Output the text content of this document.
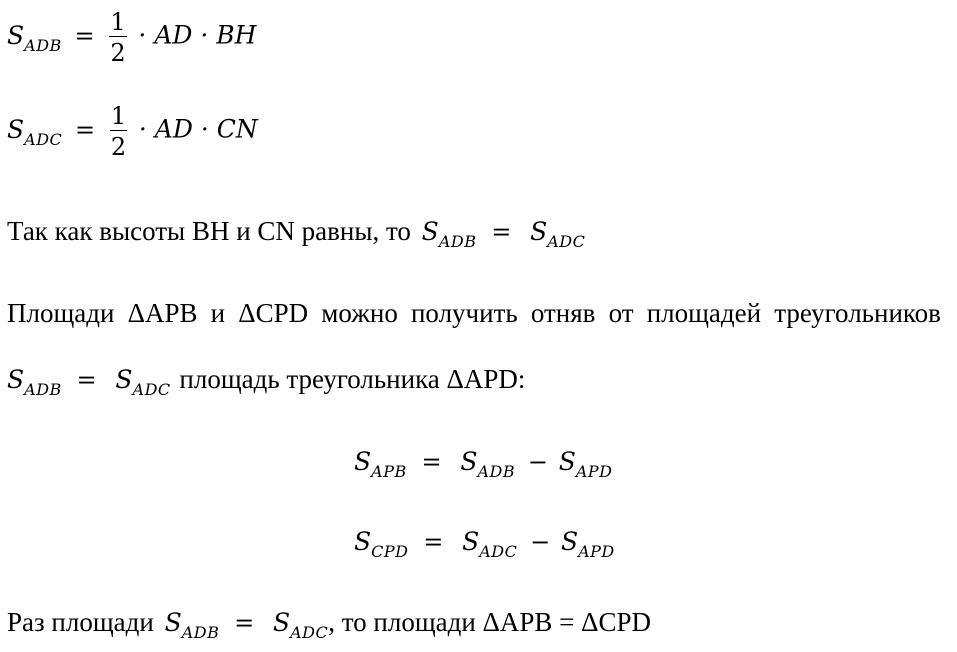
$S_{ADB} = \frac{1}{2}$ · AD · BH
$S_{ADC} = \frac{1}{2}$ · AD · CN
Так как высоты BH и CN равны, то $S_{ADB} = S_{ADC}$
Площади ΔAPB и ΔCPD можно получить отняв от площадей треугольников
$S_{ADB} = S_{ADC}$ площадь треугольника ΔAPD:
$S_{APB} = S_{ADB} - S_{APD}$
$S_{CPD} = S_{ADC} - S_{APD}$
Раз площади $S_{ADB} = S_{ADC}$, то площади ΔAPB = ΔCPD
